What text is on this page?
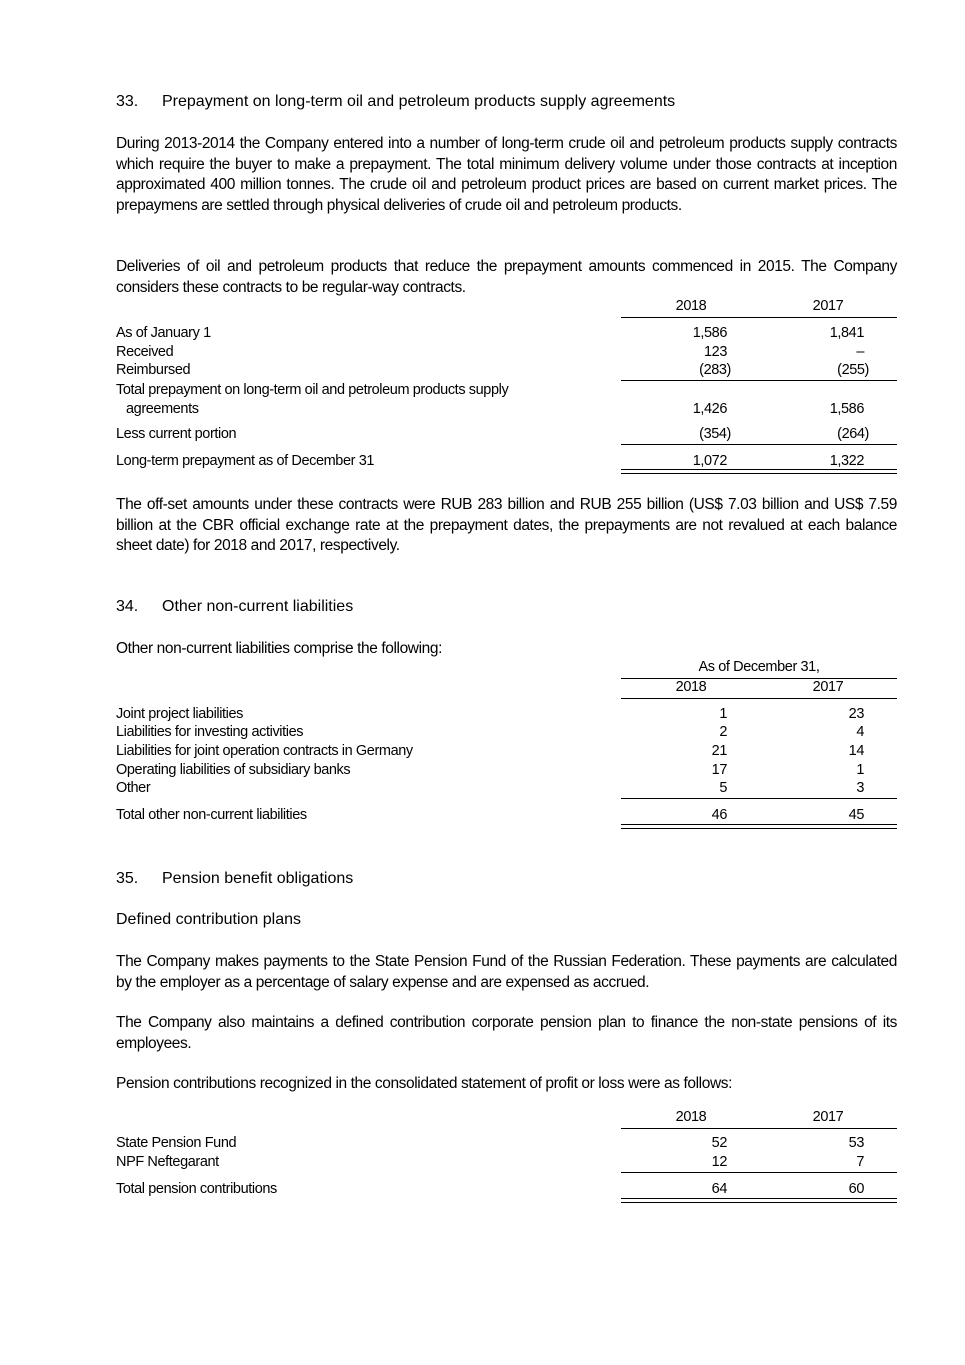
33. Prepayment on long-term oil and petroleum products supply agreements
During 2013-2014 the Company entered into a number of long-term crude oil and petroleum products supply contracts which require the buyer to make a prepayment. The total minimum delivery volume under those contracts at inception approximated 400 million tonnes. The crude oil and petroleum product prices are based on current market prices. The prepaymens are settled through physical deliveries of crude oil and petroleum products.
Deliveries of oil and petroleum products that reduce the prepayment amounts commenced in 2015. The Company considers these contracts to be regular-way contracts.
2018	2017
As of January 1	1,586	1,841
Received	123	–
Reimbursed	(283)	(255)
Total prepayment on long-term oil and petroleum products supply
agreements	1,426	1,586
Less current portion	(354)	(264)
Long-term prepayment as of December 31	1,072	1,322
The off-set amounts under these contracts were RUB 283 billion and RUB 255 billion (US$ 7.03 billion and US$ 7.59 billion at the CBR official exchange rate at the prepayment dates, the prepayments are not revalued at each balance sheet date) for 2018 and 2017, respectively.
34. Other non-current liabilities
Other non-current liabilities comprise the following:
As of December 31,
2018	2017
Joint project liabilities	1	23
Liabilities for investing activities	2	4
Liabilities for joint operation contracts in Germany	21	14
Operating liabilities of subsidiary banks	17	1
Other	5	3
Total other non-current liabilities	46	45
35. Pension benefit obligations
Defined contribution plans
The Company makes payments to the State Pension Fund of the Russian Federation. These payments are calculated by the employer as a percentage of salary expense and are expensed as accrued.
The Company also maintains a defined contribution corporate pension plan to finance the non-state pensions of its employees.
Pension contributions recognized in the consolidated statement of profit or loss were as follows:
2018	2017
State Pension Fund	52	53
NPF Neftegarant	12	7
Total pension contributions	64	60
